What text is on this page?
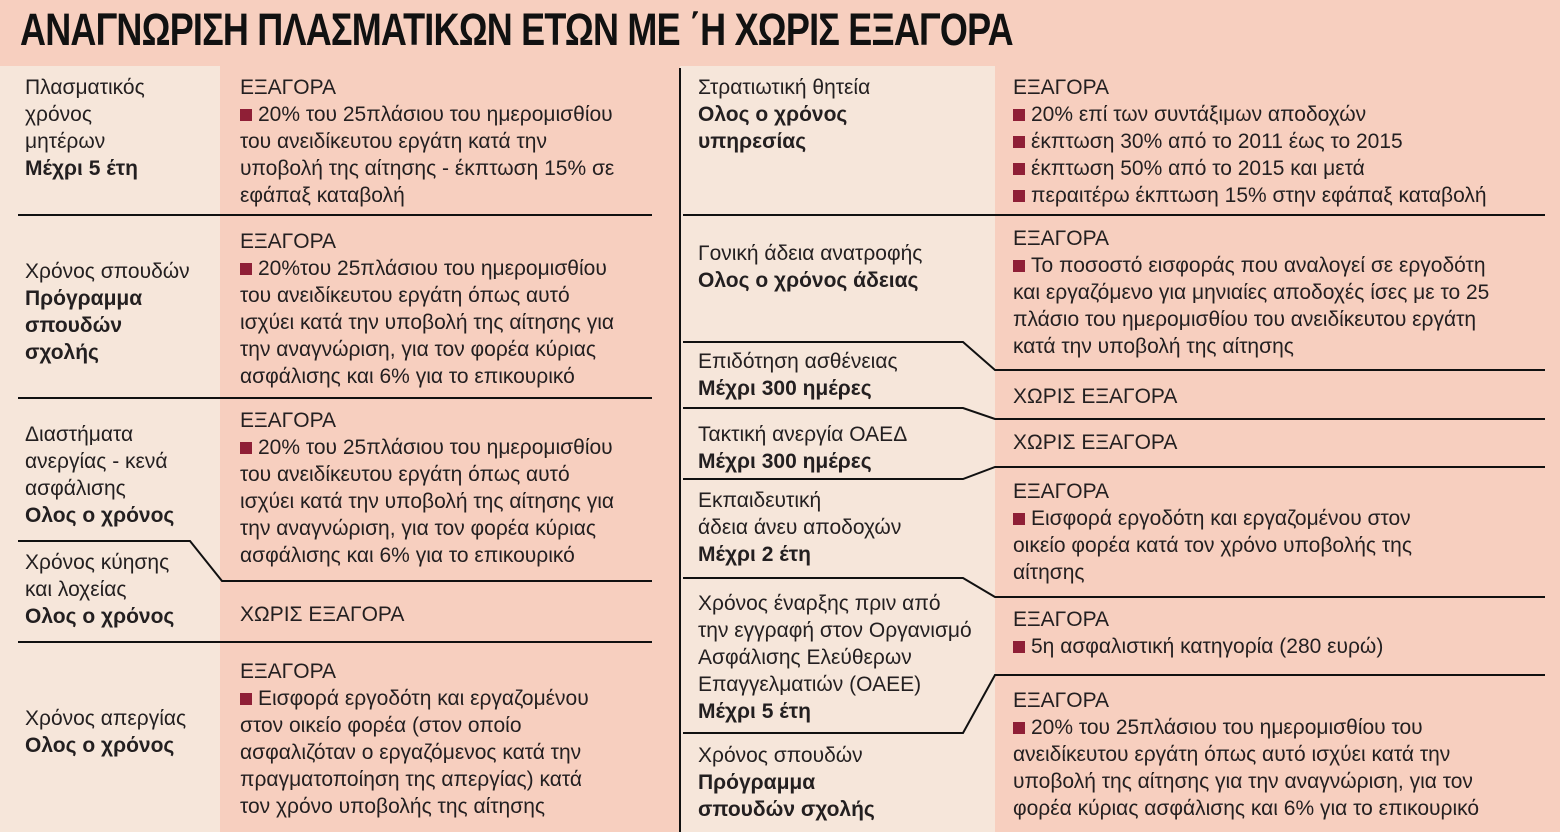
ΑΝΑΓΝΩΡΙΣΗ ΠΛΑΣΜΑΤΙΚΩΝ ΕΤΩΝ ΜΕ ΄Η ΧΩΡΙΣ ΕΞΑΓΟΡΑ
Πλασματικός
χρόνος
μητέρων
Μέχρι 5 έτη
ΕΞΑΓΟΡΑ
20% του 25πλάσιου του ημερομισθίου
του ανειδίκευτου εργάτη κατά την
υποβολή της αίτησης - έκπτωση 15% σε
εφάπαξ καταβολή
Χρόνος σπουδών
Πρόγραμμα
σπουδών
σχολής
ΕΞΑΓΟΡΑ
20%του 25πλάσιου του ημερομισθίου
του ανειδίκευτου εργάτη όπως αυτό
ισχύει κατά την υποβολή της αίτησης για
την αναγνώριση, για τον φορέα κύριας
ασφάλισης και 6% για το επικουρικό
Διαστήματα
ανεργίας - κενά
ασφάλισης
Ολος ο χρόνος
ΕΞΑΓΟΡΑ
20% του 25πλάσιου του ημερομισθίου
του ανειδίκευτου εργάτη όπως αυτό
ισχύει κατά την υποβολή της αίτησης για
την αναγνώριση, για τον φορέα κύριας
ασφάλισης και 6% για το επικουρικό
Χρόνος κύησης
και λοχείας
Ολος ο χρόνος	ΧΩΡΙΣ ΕΞΑΓΟΡΑ
Χρόνος απεργίας
Ολος ο χρόνος
ΕΞΑΓΟΡΑ
Εισφορά εργοδότη και εργαζομένου
στον οικείο φορέα (στον οποίο
ασφαλιζόταν ο εργαζόμενος κατά την
πραγματοποίηση της απεργίας) κατά
τον χρόνο υποβολής της αίτησης
Στρατιωτική θητεία
Ολος ο χρόνος
υπηρεσίας
ΕΞΑΓΟΡΑ
20% επί των συντάξιμων αποδοχών
έκπτωση 30% από το 2011 έως το 2015
έκπτωση 50% από το 2015 και μετά
περαιτέρω έκπτωση 15% στην εφάπαξ καταβολή
Γονική άδεια ανατροφής
Ολος ο χρόνος άδειας
ΕΞΑΓΟΡΑ
Το ποσοστό εισφοράς που αναλογεί σε εργοδότη
και εργαζόμενο για μηνιαίες αποδοχές ίσες με το 25
πλάσιο του ημερομισθίου του ανειδίκευτου εργάτη
κατά την υποβολή της αίτησης
Επιδότηση ασθένειας
Μέχρι 300 ημέρες	ΧΩΡΙΣ ΕΞΑΓΟΡΑ
Τακτική ανεργία ΟΑΕΔ
Μέχρι 300 ημέρες
ΧΩΡΙΣ ΕΞΑΓΟΡΑ
Εκπαιδευτική
άδεια άνευ αποδοχών
Μέχρι 2 έτη
ΕΞΑΓΟΡΑ
Εισφορά εργοδότη και εργαζομένου στον
οικείο φορέα κατά τον χρόνο υποβολής της
αίτησης
Χρόνος έναρξης πριν από
την εγγραφή στον Οργανισμό
Ασφάλισης Ελεύθερων
Επαγγελματιών (ΟΑΕΕ)
Μέχρι 5 έτη
ΕΞΑΓΟΡΑ
5η ασφαλιστική κατηγορία (280 ευρώ)
Χρόνος σπουδών
Πρόγραμμα
σπουδών σχολής
ΕΞΑΓΟΡΑ
20% του 25πλάσιου του ημερομισθίου του
ανειδίκευτου εργάτη όπως αυτό ισχύει κατά την
υποβολή της αίτησης για την αναγνώριση, για τον
φορέα κύριας ασφάλισης και 6% για το επικουρικό
